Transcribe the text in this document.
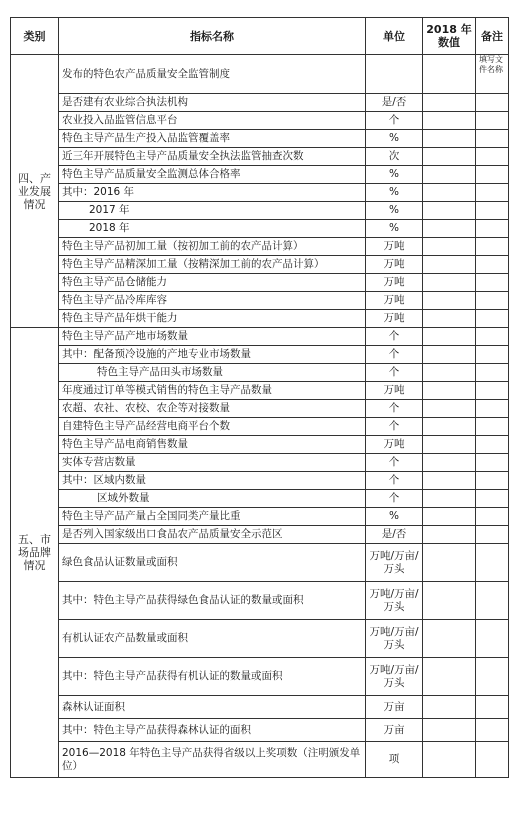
类别	指标名称	单位	2018 年数值	备注
四、产业发展情况	发布的特色农产品质量安全监管制度			填写文件名称
	是否建有农业综合执法机构	是/否		
	农业投入品监管信息平台	个		
	特色主导产品生产投入品监管覆盖率	%		
	近三年开展特色主导产品质量安全执法监管抽查次数	次		
	特色主导产品质量安全监测总体合格率	%		
	其中：2016 年	%		
	2017 年	%		
	2018 年	%		
	特色主导产品初加工量（按初加工前的农产品计算）	万吨		
	特色主导产品精深加工量（按精深加工前的农产品计算）	万吨		
	特色主导产品仓储能力	万吨		
	特色主导产品冷库库容	万吨		
	特色主导产品年烘干能力	万吨		
五、市场品牌情况	特色主导产品产地市场数量	个		
	其中：配备预冷设施的产地专业市场数量	个		
	特色主导产品田头市场数量	个		
	年度通过订单等模式销售的特色主导产品数量	万吨		
	农超、农社、农校、农企等对接数量	个		
	自建特色主导产品经营电商平台个数	个		
	特色主导产品电商销售数量	万吨		
	实体专营店数量	个		
	其中：区域内数量	个		
	区域外数量	个		
	特色主导产品产量占全国同类产量比重	%		
	是否列入国家级出口食品农产品质量安全示范区	是/否		
	绿色食品认证数量或面积	万吨/万亩/万头		
	其中：特色主导产品获得绿色食品认证的数量或面积	万吨/万亩/万头		
	有机认证农产品数量或面积	万吨/万亩/万头		
	其中：特色主导产品获得有机认证的数量或面积	万吨/万亩/万头		
	森林认证面积	万亩		
	其中：特色主导产品获得森林认证的面积	万亩		
	2016—2018 年特色主导产品获得省级以上奖项数（注明颁发单位）	项		
